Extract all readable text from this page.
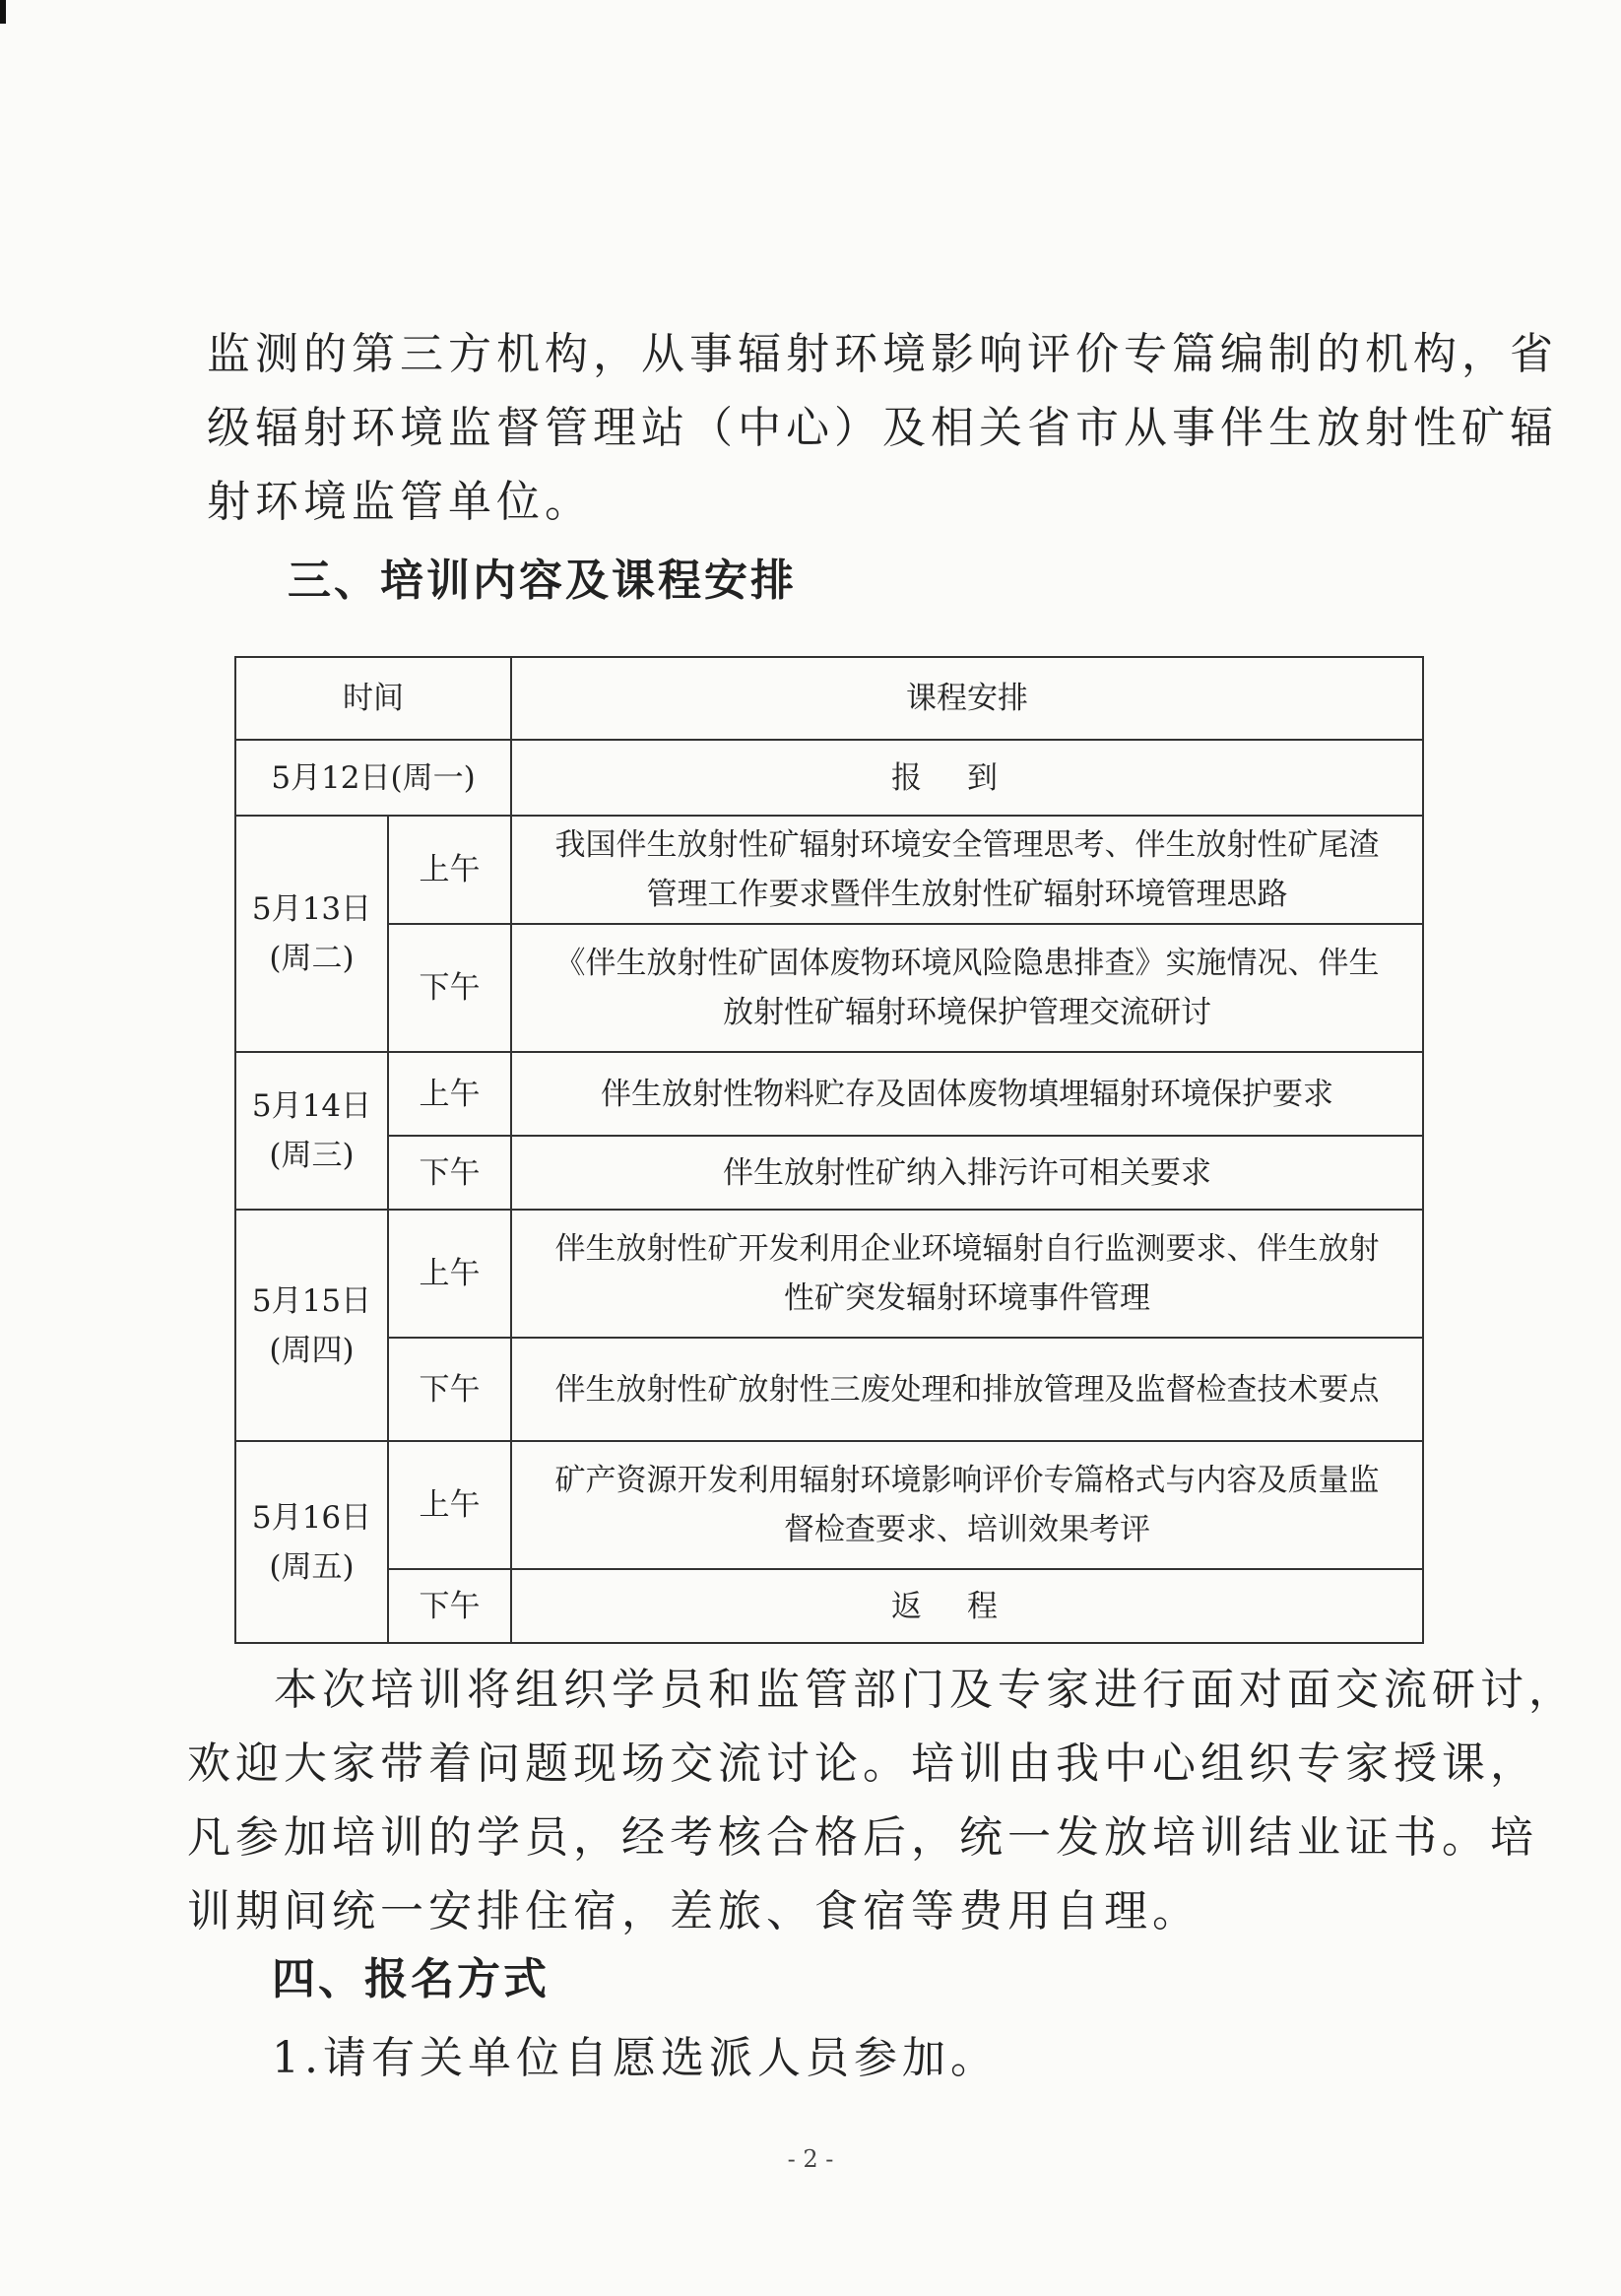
监测的第三方机构，从事辐射环境影响评价专篇编制的机构，省
级辐射环境监督管理站（中心）及相关省市从事伴生放射性矿辐
射环境监管单位。

三、培训内容及课程安排
时间		课程安排
5月12日(周一)		报到

5月13日
(周二)	上午	我国伴生放射性矿辐射环境安全管理思考、伴生放射性矿尾渣
管理工作要求暨伴生放射性矿辐射环境管理思路

	下午	《伴生放射性矿固体废物环境风险隐患排查》实施情况、伴生
放射性矿辐射环境保护管理交流研讨

5月14日
(周三)	上午	伴生放射性物料贮存及固体废物填埋辐射环境保护要求
	下午	伴生放射性矿纳入排污许可相关要求

5月15日
(周四)	上午	伴生放射性矿开发利用企业环境辐射自行监测要求、伴生放射
性矿突发辐射环境事件管理

	下午	伴生放射性矿放射性三废处理和排放管理及监督检查技术要点

5月16日
(周五)	上午	矿产资源开发利用辐射环境影响评价专篇格式与内容及质量监
督检查要求、培训效果考评

	下午	返程

本次培训将组织学员和监管部门及专家进行面对面交流研讨，
欢迎大家带着问题现场交流讨论。培训由我中心组织专家授课，
凡参加培训的学员，经考核合格后，统一发放培训结业证书。培
训期间统一安排住宿，差旅、食宿等费用自理。

四、报名方式

1.请有关单位自愿选派人员参加。

- 2 -
